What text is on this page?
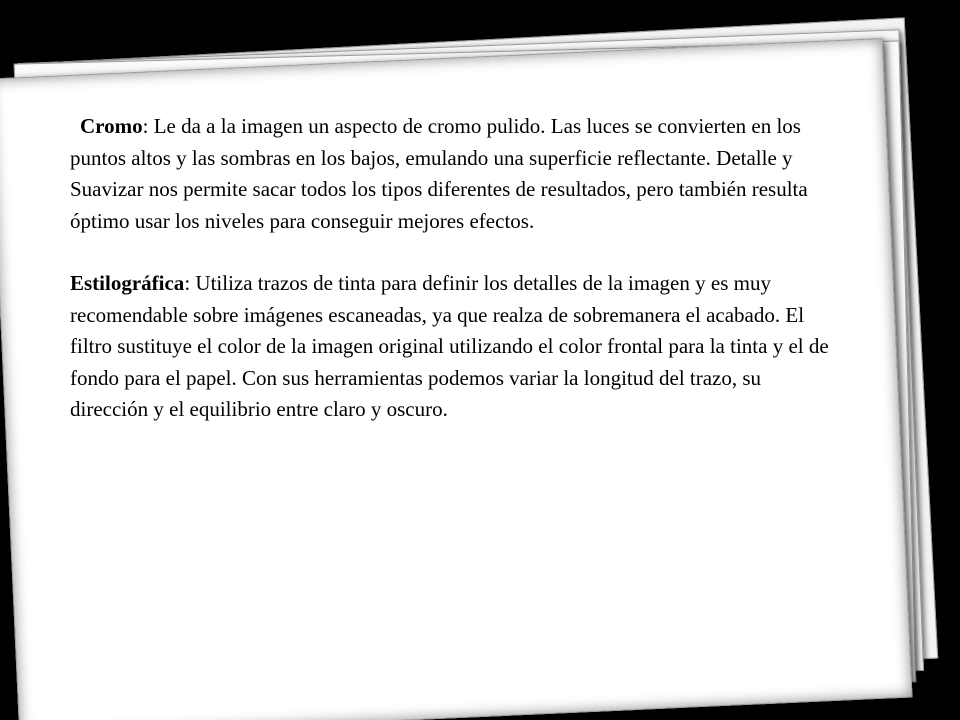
Cromo: Le da a la imagen un aspecto de cromo pulido. Las luces se convierten en los puntos altos y las sombras en los bajos, emulando una superficie reflectante. Detalle y Suavizar nos permite sacar todos los tipos diferentes de resultados, pero también resulta óptimo usar los niveles para conseguir mejores efectos.

Estilográfica: Utiliza trazos de tinta para definir los detalles de la imagen y es muy recomendable sobre imágenes escaneadas, ya que realza de sobremanera el acabado. El filtro sustituye el color de la imagen original utilizando el color frontal para la tinta y el de fondo para el papel. Con sus herramientas podemos variar la longitud del trazo, su dirección y el equilibrio entre claro y oscuro.
